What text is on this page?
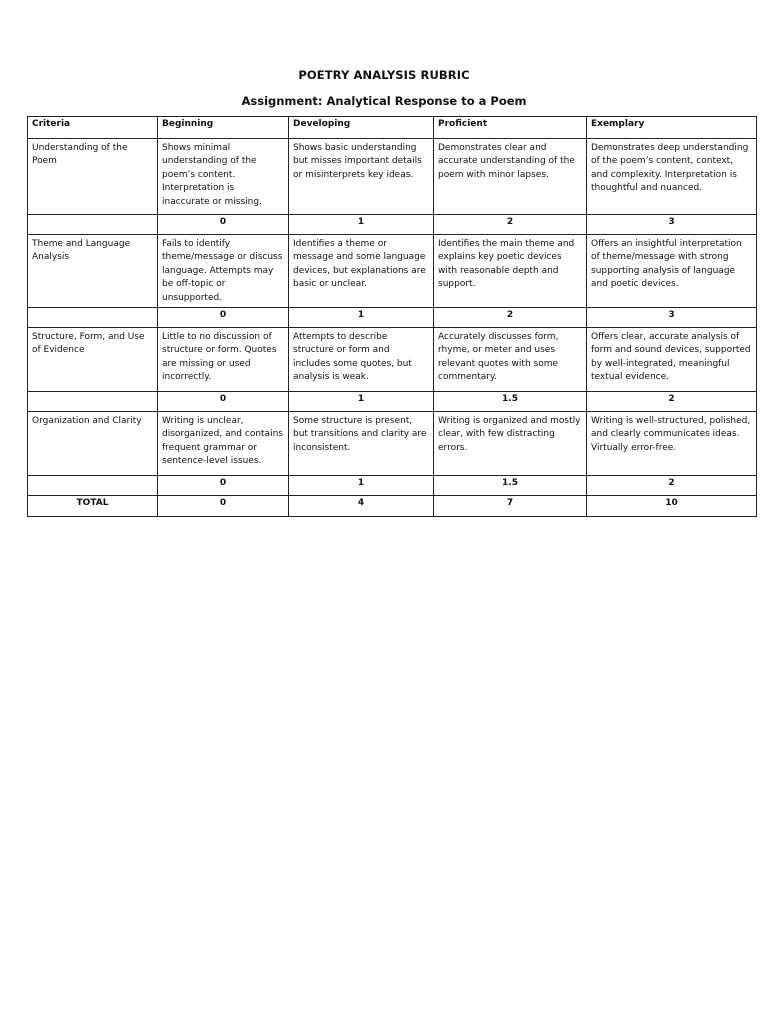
POETRY ANALYSIS RUBRIC
Assignment: Analytical Response to a Poem
Criteria	Beginning	Developing	Proficient	Exemplary
Understanding of the Poem	Shows minimal understanding of the poem’s content. Interpretation is inaccurate or missing.	Shows basic understanding but misses important details or misinterprets key ideas.	Demonstrates clear and accurate understanding of the poem with minor lapses.	Demonstrates deep understanding of the poem’s content, context, and complexity. Interpretation is thoughtful and nuanced.
	0	1	2	3
Theme and Language Analysis	Fails to identify theme/message or discuss language. Attempts may be off-topic or unsupported.	Identifies a theme or message and some language devices, but explanations are basic or unclear.	Identifies the main theme and explains key poetic devices with reasonable depth and support.	Offers an insightful interpretation of theme/message with strong supporting analysis of language and poetic devices.
	0	1	2	3
Structure, Form, and Use of Evidence	Little to no discussion of structure or form. Quotes are missing or used incorrectly.	Attempts to describe structure or form and includes some quotes, but analysis is weak.	Accurately discusses form, rhyme, or meter and uses relevant quotes with some commentary.	Offers clear, accurate analysis of form and sound devices, supported by well-integrated, meaningful textual evidence.
	0	1	1.5	2
Organization and Clarity	Writing is unclear, disorganized, and contains frequent grammar or sentence-level issues.	Some structure is present, but transitions and clarity are inconsistent.	Writing is organized and mostly clear, with few distracting errors.	Writing is well-structured, polished, and clearly communicates ideas. Virtually error-free.
	0	1	1.5	2
TOTAL	0	4	7	10
